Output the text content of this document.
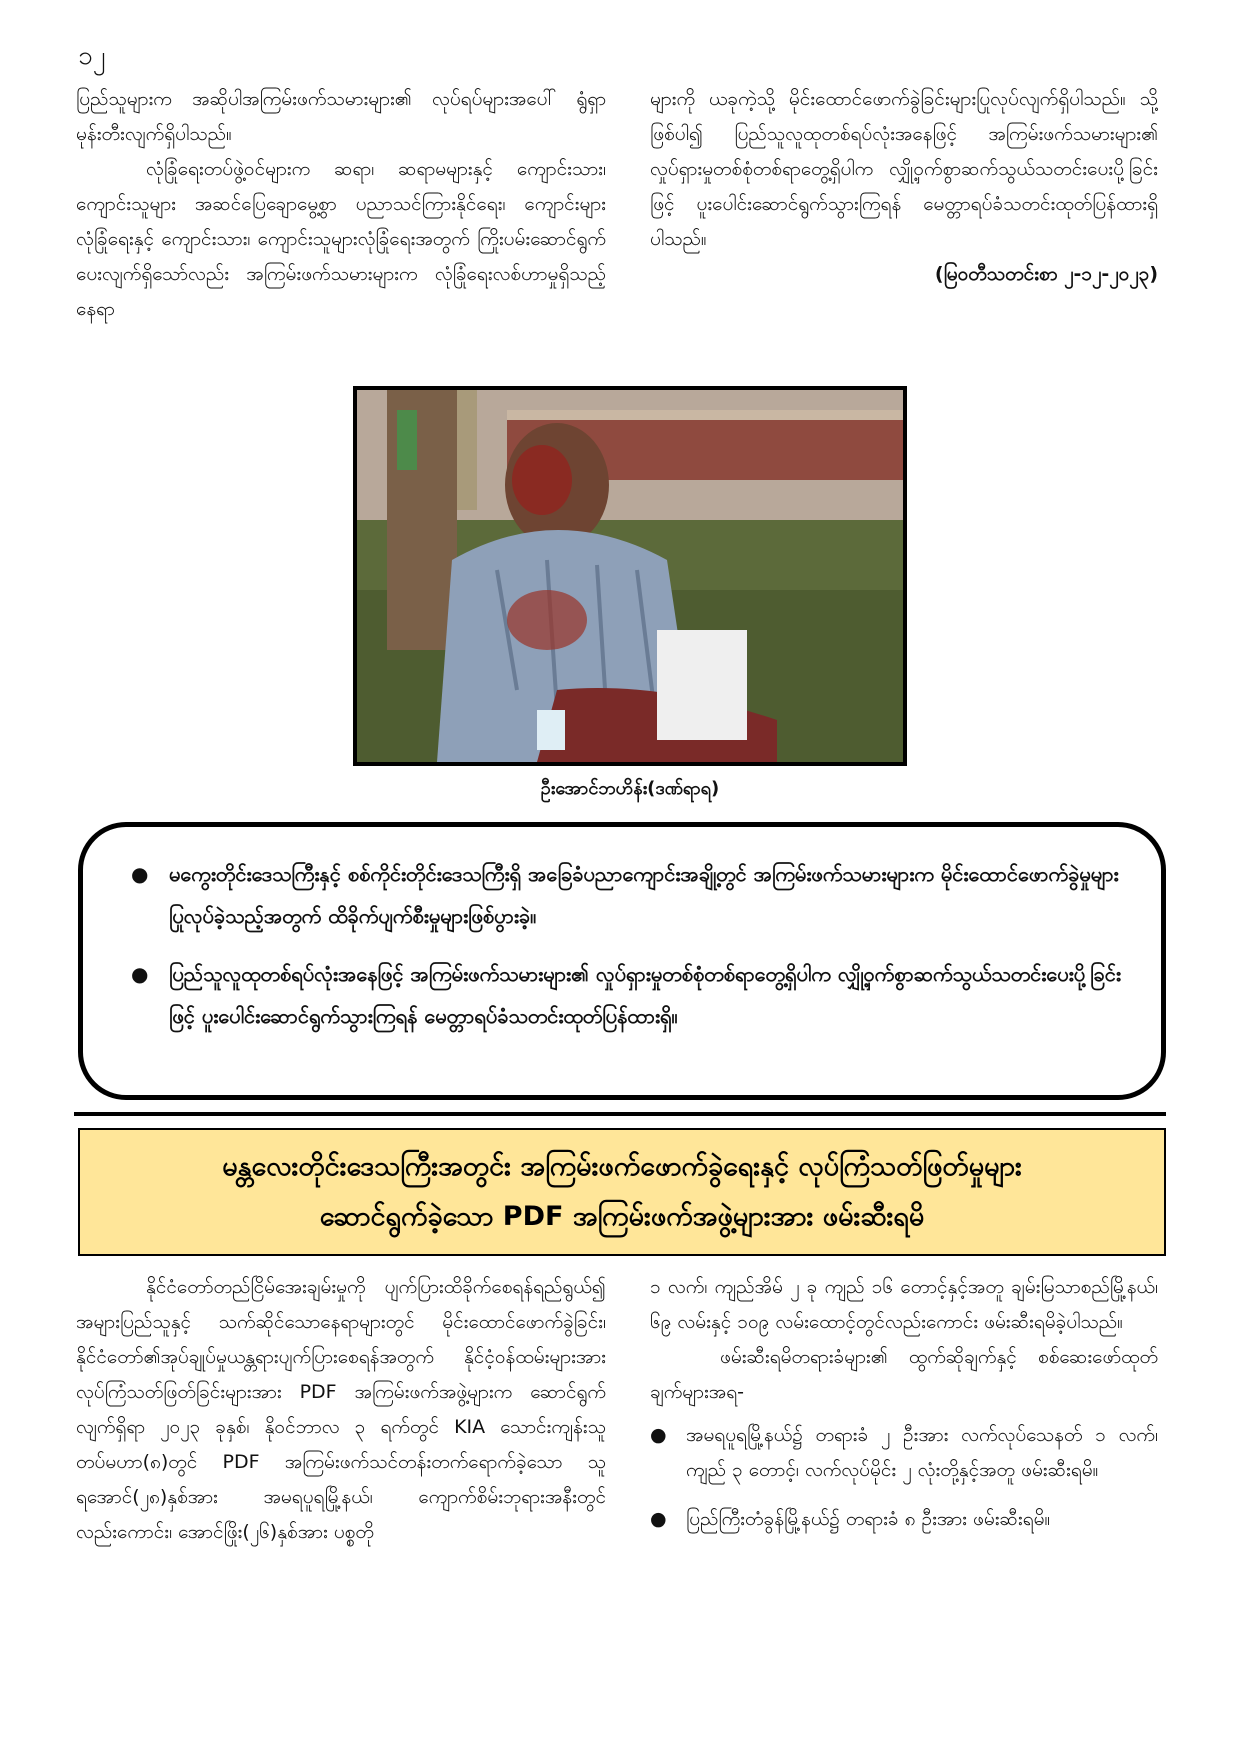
၁၂

ပြည်သူများက အဆိုပါအကြမ်းဖက်သမားများ၏ လုပ်ရပ်များအပေါ် ရွံရှာမုန်းတီးလျက်ရှိပါသည်။

လုံခြုံရေးတပ်ဖွဲ့ဝင်များက ဆရာ၊ ဆရာမများနှင့် ကျောင်းသား၊ ကျောင်းသူများ အဆင်ပြေချောမွေ့စွာ ပညာသင်ကြားနိုင်ရေး၊ ကျောင်းများလုံခြုံရေးနှင့် ကျောင်းသား၊ ကျောင်းသူများလုံခြုံရေးအတွက် ကြိုးပမ်းဆောင်ရွက်ပေးလျက်ရှိသော်လည်း အကြမ်းဖက်သမားများက လုံခြုံရေးလစ်ဟာမှုရှိသည့်နေရာ

များကို ယခုကဲ့သို့ မိုင်းထောင်ဖောက်ခွဲခြင်းများပြုလုပ်လျက်ရှိပါသည်။ သို့ဖြစ်ပါ၍ ပြည်သူလူထုတစ်ရပ်လုံးအနေဖြင့် အကြမ်းဖက်သမားများ၏ လှုပ်ရှားမှုတစ်စုံတစ်ရာတွေ့ရှိပါက လျှို့ဝှက်စွာဆက်သွယ်သတင်းပေးပို့ခြင်းဖြင့် ပူးပေါင်းဆောင်ရွက်သွားကြရန် မေတ္တာရပ်ခံသတင်းထုတ်ပြန်ထားရှိပါသည်။

(မြဝတီသတင်းစာ ၂-၁၂-၂၀၂၃)

ဦးအောင်ဘဟိန်း(ဒဏ်ရာရ)
● မကွေးတိုင်းဒေသကြီးနှင့် စစ်ကိုင်းတိုင်းဒေသကြီးရှိ အခြေခံပညာကျောင်းအချို့တွင် အကြမ်းဖက်သမားများက မိုင်းထောင်ဖောက်ခွဲမှုများ ပြုလုပ်ခဲ့သည့်အတွက် ထိခိုက်ပျက်စီးမှုများဖြစ်ပွားခဲ့။
● ပြည်သူလူထုတစ်ရပ်လုံးအနေဖြင့် အကြမ်းဖက်သမားများ၏ လှုပ်ရှားမှုတစ်စုံတစ်ရာတွေ့ရှိပါက လျှို့ဝှက်စွာဆက်သွယ်သတင်းပေးပို့ခြင်းဖြင့် ပူးပေါင်းဆောင်ရွက်သွားကြရန် မေတ္တာရပ်ခံသတင်းထုတ်ပြန်ထားရှိ။
မန္တလေးတိုင်းဒေသကြီးအတွင်း အကြမ်းဖက်ဖောက်ခွဲရေးနှင့် လုပ်ကြံသတ်ဖြတ်မှုများ
ဆောင်ရွက်ခဲ့သော PDF အကြမ်းဖက်အဖွဲ့များအား ဖမ်းဆီးရမိ

နိုင်ငံတော်တည်ငြိမ်အေးချမ်းမှုကို ပျက်ပြားထိခိုက်စေရန်ရည်ရွယ်၍ အများပြည်သူနှင့် သက်ဆိုင်သောနေရာများတွင် မိုင်းထောင်ဖောက်ခွဲခြင်း၊ နိုင်ငံတော်၏အုပ်ချုပ်မှုယန္တရားပျက်ပြားစေရန်အတွက် နိုင်ငံ့ဝန်ထမ်းများအား လုပ်ကြံသတ်ဖြတ်ခြင်းများအား PDF အကြမ်းဖက်အဖွဲ့များက ဆောင်ရွက်လျက်ရှိရာ ၂၀၂၃ ခုနှစ်၊ နိုဝင်ဘာလ ၃ ရက်တွင် KIA သောင်းကျန်းသူတပ်မဟာ(၈)တွင် PDF အကြမ်းဖက်သင်တန်းတက်ရောက်ခဲ့သော သူရအောင်(၂၈)နှစ်အား အမရပူရမြို့နယ်၊ ကျောက်စိမ်းဘုရားအနီးတွင် လည်းကောင်း၊ အောင်ဖြိုး(၂၆)နှစ်အား ပစ္စတို

၁ လက်၊ ကျည်အိမ် ၂ ခု ကျည် ၁၆ တောင့်နှင့်အတူ ချမ်းမြသာစည်မြို့နယ်၊ ၆၉ လမ်းနှင့် ၁၀၉ လမ်းထောင့်တွင်လည်းကောင်း ဖမ်းဆီးရမိခဲ့ပါသည်။

ဖမ်းဆီးရမိတရားခံများ၏ ထွက်ဆိုချက်နှင့် စစ်ဆေးဖော်ထုတ်ချက်များအရ-

● အမရပူရမြို့နယ်၌ တရားခံ ၂ ဦးအား လက်လုပ်သေနတ် ၁ လက်၊ ကျည် ၃ တောင့်၊ လက်လုပ်မိုင်း ၂ လုံးတို့နှင့်အတူ ဖမ်းဆီးရမိ။
● ပြည်ကြီးတံခွန်မြို့နယ်၌ တရားခံ ၈ ဦးအား ဖမ်းဆီးရမိ။
